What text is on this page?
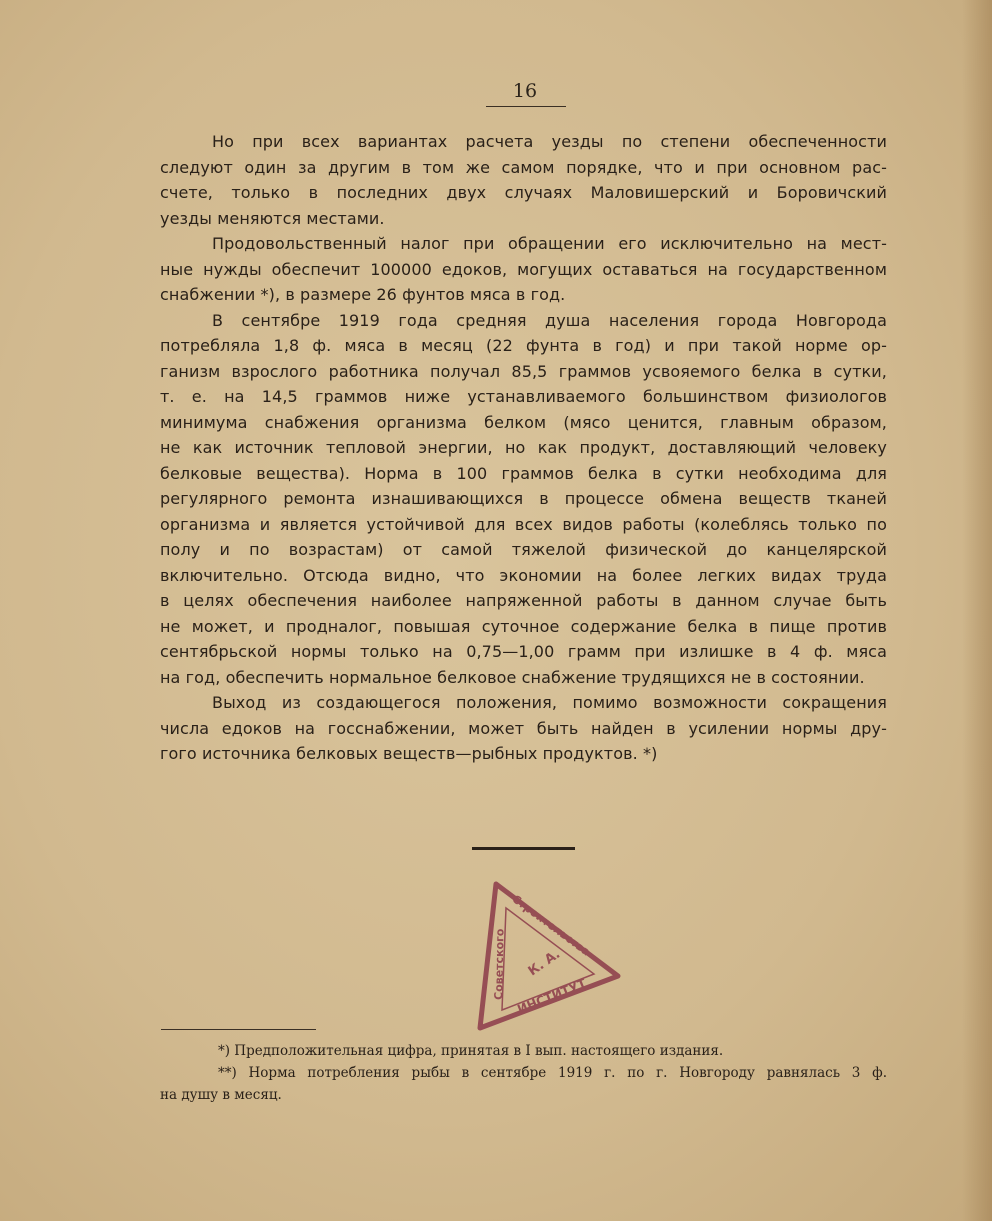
16

Но при всех вариантах расчета уезды по степени обеспеченности
следуют один за другим в том же самом порядке, что и при основном рас-
счете, только в последних двух случаях Маловишерский и Боровичский
уезды меняются местами.

Продовольственный налог при обращении его исключительно на мест-
ные нужды обеспечит 100000 едоков, могущих оставаться на государственном
снабжении *), в размере 26 фунтов мяса в год.

В сентябре 1919 года средняя душа населения города Новгорода
потребляла 1,8 ф. мяса в месяц (22 фунта в год) и при такой норме ор-
ганизм взрослого работника получал 85,5 граммов усвояемого белка в сутки,
т. е. на 14,5 граммов ниже устанавливаемого большинством физиологов
минимума снабжения организма белком (мясо ценится, главным образом,
не как источник тепловой энергии, но как продукт, доставляющий человеку
белковые вещества). Норма в 100 граммов белка в сутки необходима для
регулярного ремонта изнашивающихся в процессе обмена веществ тканей
организма и является устойчивой для всех видов работы (колеблясь только по
полу и по возрастам) от самой тяжелой физической до канцелярской
включительно. Отсюда видно, что экономии на более легких видах труда
в целях обеспечения наиболее напряженной работы в данном случае быть
не может, и продналог, повышая суточное содержание белка в пище против
сентябрьской нормы только на 0,75—1,00 грамм при излишке в 4 ф. мяса
на год, обеспечить нормальное белковое снабжение трудящихся не в состоянии.

Выход из создающегося положения, помимо возможности сокращения
числа едоков на госснабжении, может быть найден в усилении нормы дру-
гого источника белковых веществ—рыбных продуктов. *)

Строительства
Советского
ИНСТИТУТ
К. А.
*) Предположительная цифра, принятая в I вып. настоящего издания.
**) Норма потребления рыбы в сентябре 1919 г. по г. Новгороду равнялась 3 ф.
на душу в месяц.
